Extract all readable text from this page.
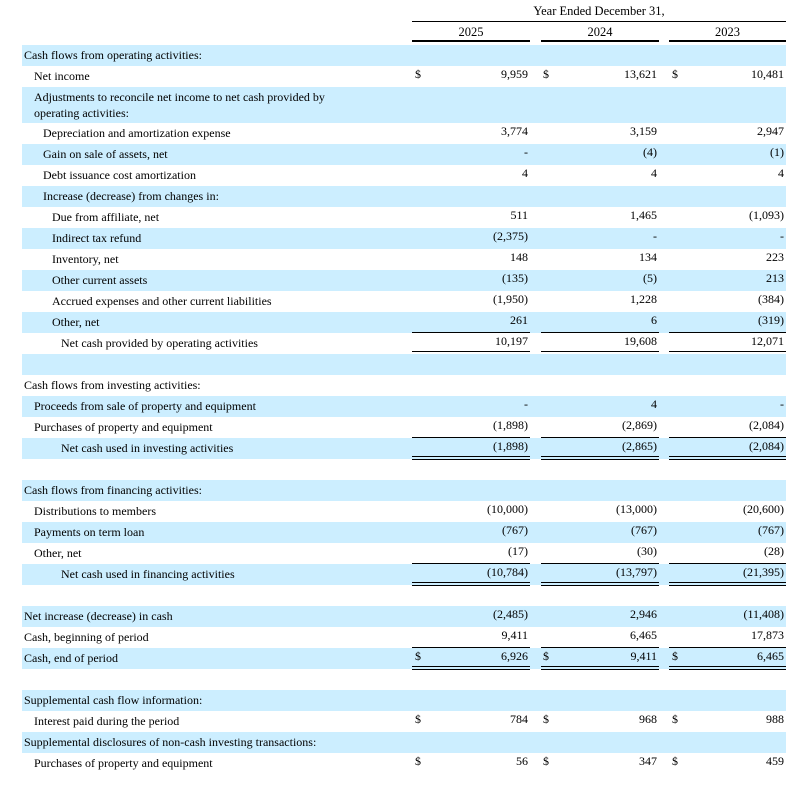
Year Ended December 31,
2025	2024	2023
Cash flows from operating activities:
Net income	$	9,959 $	13,621 $	10,481
Adjustments to reconcile net income to net cash provided by
operating activities:
Depreciation and amortization expense	3,774	3,159	2,947
Gain on sale of assets, net	-	(4)	(1)
Debt issuance cost amortization	4	4	4
Increase (decrease) from changes in:
Due from affiliate, net	511	1,465	(1,093)
Indirect tax refund	(2,375)	-	-
Inventory, net	148	134	223
Other current assets	(135)	(5)	213
Accrued expenses and other current liabilities	(1,950)	1,228	(384)
Other, net	261	6	(319)
Net cash provided by operating activities	10,197	19,608	12,071
Cash flows from investing activities:
Proceeds from sale of property and equipment	-	4	-
Purchases of property and equipment	(1,898)	(2,869)	(2,084)
Net cash used in investing activities	(1,898)	(2,865)	(2,084)
Cash flows from financing activities:
Distributions to members	(10,000)	(13,000)	(20,600)
Payments on term loan	(767)	(767)	(767)
Other, net	(17)	(30)	(28)
Net cash used in financing activities	(10,784)	(13,797)	(21,395)
Net increase (decrease) in cash	(2,485)	2,946	(11,408)
Cash, beginning of period	9,411	6,465	17,873
Cash, end of period	$	6,926 $	9,411 $	6,465
Supplemental cash flow information:
Interest paid during the period	$	784 $	968 $	988
Supplemental disclosures of non-cash investing transactions:
Purchases of property and equipment	$	56 $	347 $	459
